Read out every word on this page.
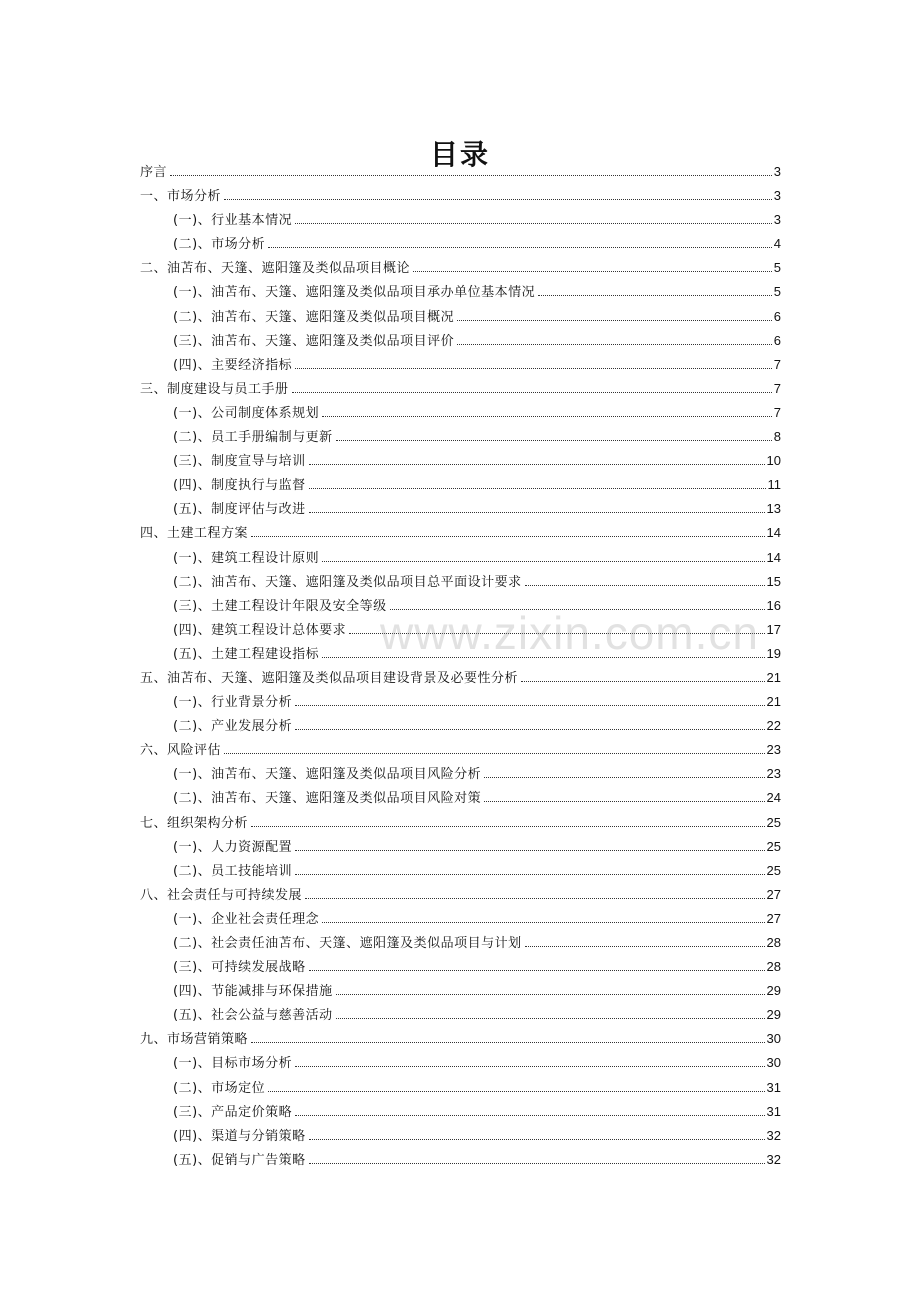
目录
序言	3
一、市场分析	3
(一)、行业基本情况	3
(二)、市场分析	4
二、油苫布、天篷、遮阳篷及类似品项目概论	5
(一)、油苫布、天篷、遮阳篷及类似品项目承办单位基本情况	5
(二)、油苫布、天篷、遮阳篷及类似品项目概况	6
(三)、油苫布、天篷、遮阳篷及类似品项目评价	6
(四)、主要经济指标	7
三、制度建设与员工手册	7
(一)、公司制度体系规划	7
(二)、员工手册编制与更新	8
(三)、制度宣导与培训	10
(四)、制度执行与监督	11
(五)、制度评估与改进	13
四、土建工程方案	14
(一)、建筑工程设计原则	14
(二)、油苫布、天篷、遮阳篷及类似品项目总平面设计要求	15
(三)、土建工程设计年限及安全等级	16
(四)、建筑工程设计总体要求	17
(五)、土建工程建设指标	19
五、油苫布、天篷、遮阳篷及类似品项目建设背景及必要性分析	21
(一)、行业背景分析	21
(二)、产业发展分析	22
六、风险评估	23
(一)、油苫布、天篷、遮阳篷及类似品项目风险分析	23
(二)、油苫布、天篷、遮阳篷及类似品项目风险对策	24
七、组织架构分析	25
(一)、人力资源配置	25
(二)、员工技能培训	25
八、社会责任与可持续发展	27
(一)、企业社会责任理念	27
(二)、社会责任油苫布、天篷、遮阳篷及类似品项目与计划	28
(三)、可持续发展战略	28
(四)、节能减排与环保措施	29
(五)、社会公益与慈善活动	29
九、市场营销策略	30
(一)、目标市场分析	30
(二)、市场定位	31
(三)、产品定价策略	31
(四)、渠道与分销策略	32
(五)、促销与广告策略	32
www.zixin.com.cn
